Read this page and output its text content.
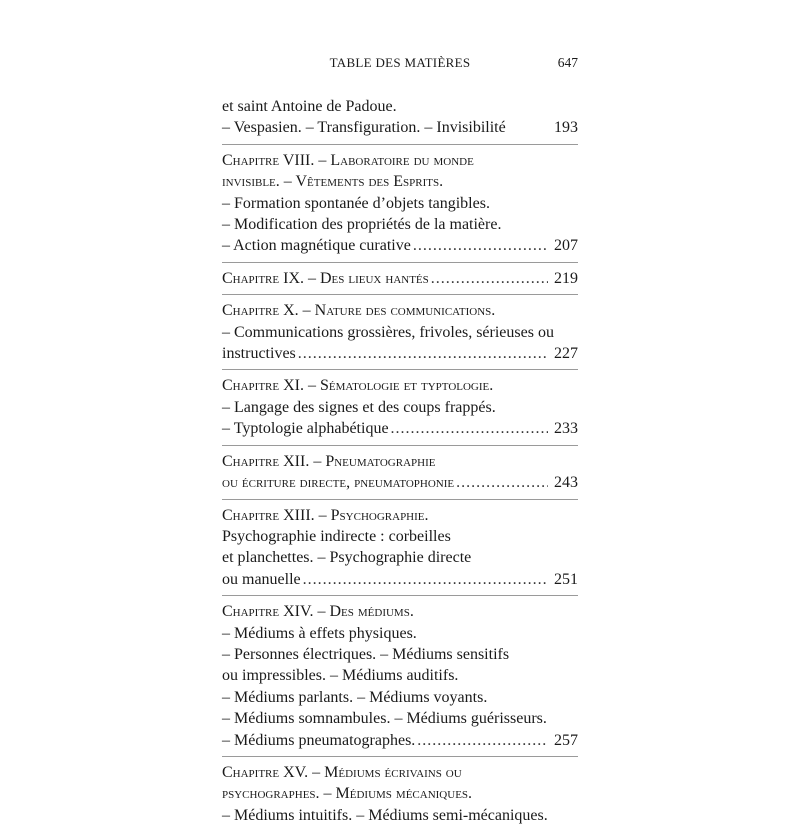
TABLE DES MATIÈRES	647
et saint Antoine de Padoue.
– Vespasien. – Transfiguration. – Invisibilité	193
Chapitre VIII. – Laboratoire du monde
invisible. – Vêtements des Esprits.
– Formation spontanée d’objets tangibles.
– Modification des propriétés de la matière.
– Action magnétique curative .....	207
Chapitre IX. – Des lieux hantés .....	219
Chapitre X. – Nature des communications.
– Communications grossières, frivoles, sérieuses ou
instructives .....	227
Chapitre XI. – Sématologie et typtologie.
– Langage des signes et des coups frappés.
– Typtologie alphabétique .....	233
Chapitre XII. – Pneumatographie
ou écriture directe, pneumatophonie .....	243
Chapitre XIII. – Psychographie.
Psychographie indirecte : corbeilles
et planchettes. – Psychographie directe
ou manuelle .....	251
Chapitre XIV. – Des médiums.
– Médiums à effets physiques.
– Personnes électriques. – Médiums sensitifs
ou impressibles. – Médiums auditifs.
– Médiums parlants. – Médiums voyants.
– Médiums somnambules. – Médiums guérisseurs.
– Médiums pneumatographes. .....	257
Chapitre XV. – Médiums écrivains ou
psychographes. – Médiums mécaniques.
– Médiums intuitifs. – Médiums semi-mécaniques.
